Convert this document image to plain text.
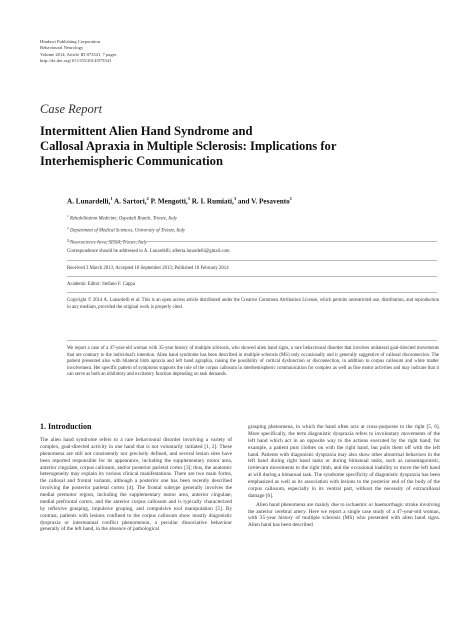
Hindawi Publishing Corporation
Behavioural Neurology
Volume 2014, Article ID 873541, 7 pages
http://dx.doi.org/10.1155/2014/873541
Case Report
Intermittent Alien Hand Syndrome and
Callosal Apraxia in Multiple Sclerosis: Implications for
Interhemispheric Communication
A. Lunardelli,$^1$ A. Sartori,$^2$ P. Mengotti,$^3$ R. I. Rumiati,$^3$ and V. Pesavento$^1$
$^1$ Rehabilitation Medicine, Ospedali Riuniti, Trieste, Italy
$^2$ Department of Medical Sciences, University of Trieste, Italy
$^3$ Neuroscience Area, SISSA, Trieste, Italy
Correspondence should be addressed to A. Lunardelli; alberta.lunardelli@gmail.com
Received 3 March 2013; Accepted 10 September 2013; Published 18 February 2014
Academic Editor: Stefano F. Cappa
Copyright © 2014 A. Lunardelli et al. This is an open access article distributed under the Creative Commons Attribution License, which permits unrestricted use, distribution, and reproduction in any medium, provided the original work is properly cited.
We report a case of a 47-year-old woman with 35-year history of multiple sclerosis, who showed alien hand signs, a rare behavioural disorder that involves unilateral goal-directed movements that are contrary to the individual's intention. Alien hand syndrome has been described in multiple sclerosis (MS) only occasionally and it generally suggestive of callosal disconnection. The patient presented also with bilateral limb apraxia and left hand agraphia, raising the possibility of cortical dysfunction or disconnection, in addition to corpus callosum and white matter involvement. Her specific pattern of symptoms supports the role of the corpus callosum in interhemispheric communication for complex as well as fine motor activities and may indicate that it can serve as both an inhibitory and excitatory function depending on task demands.
1. Introduction

The alien hand syndrome refers to a rare behavioural disorder involving a variety of complex, goal-directed activity in one hand that is not voluntarily initiated [1, 2]. These phenomena are still not consistently nor precisely defined, and several lesion sites have been reported responsible for its appearance, including the supplementary motor area, anterior cingulate, corpus callosum, and/or posterior parietal cortex [3]; thus, the anatomic heterogeneity may explain its various clinical manifestations. There are two main forms, the callosal and frontal variants, although a posterior one has been recently described involving the posterior parietal cortex [4]. The frontal subtype generally involves the medial premotor region, including the supplementary motor area, anterior cingulate, medial prefrontal cortex, and the anterior corpus callosum and is typically characterized by reflexive grasping, impulsive groping, and compulsive tool manipulation [5]. By contrast, patients with lesions confined to the corpus callosum show mostly diagonistic dyspraxia or intermanual conflict phenomenon, a peculiar dissociative behaviour generally of the left hand, in the absence of pathological

grasping phenomena, in which the hand often acts at cross-purposes to the right [5, 6]. More specifically, the term diagonistic dyspraxia refers to involuntary movements of the left hand which act in an opposite way to the actions executed by the right hand; for example, a patient puts clothes on with the right hand, but pulls them off with the left hand. Patients with diagonistic dyspraxia may also show other abnormal behaviors in the left hand during right hand tasks or during bimanual tasks, such as nonantagonistic, irrelevant movements to the right limb, and the occasional inability to move the left hand at will during a bimanual task. The syndrome specificity of diagonistic dyspraxia has been emphasized as well as its association with lesions to the posterior end of the body of the corpus callosum, especially in its ventral part, without the necessity of extracallosal damage [6].

Alien hand phenomena are mainly due to ischaemic or haemorrhagic stroke involving the anterior cerebral artery. Here we report a single case study of a 47-year-old woman, with 35-year history of multiple sclerosis (MS) who presented with alien hand signs. Alien hand has been described
